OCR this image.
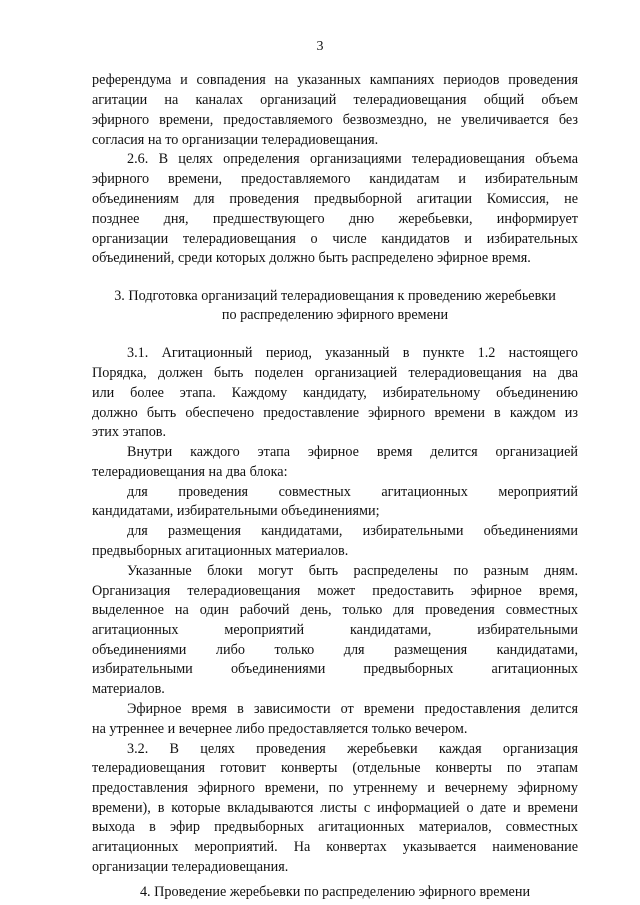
3
референдума и совпадения на указанных кампаниях периодов проведения
агитации на каналах организаций телерадиовещания общий объем
эфирного времени, предоставляемого безвозмездно, не увеличивается без
согласия на то организации телерадиовещания.
2.6. В целях определения организациями телерадиовещания объема
эфирного времени, предоставляемого кандидатам и избирательным
объединениям для проведения предвыборной агитации Комиссия, не
позднее дня, предшествующего дню жеребьевки, информирует
организации телерадиовещания о числе кандидатов и избирательных
объединений, среди которых должно быть распределено эфирное время.
3. Подготовка организаций телерадиовещания к проведению жеребьевки
по распределению эфирного времени
3.1. Агитационный период, указанный в пункте 1.2 настоящего
Порядка, должен быть поделен организацией телерадиовещания на два
или более этапа. Каждому кандидату, избирательному объединению
должно быть обеспечено предоставление эфирного времени в каждом из
этих этапов.
Внутри каждого этапа эфирное время делится организацией
телерадиовещания на два блока:
для проведения совместных агитационных мероприятий
кандидатами, избирательными объединениями;
для размещения кандидатами, избирательными объединениями
предвыборных агитационных материалов.
Указанные блоки могут быть распределены по разным дням.
Организация телерадиовещания может предоставить эфирное время,
выделенное на один рабочий день, только для проведения совместных
агитационных мероприятий кандидатами, избирательными
объединениями либо только для размещения кандидатами,
избирательными объединениями предвыборных агитационных
материалов.
Эфирное время в зависимости от времени предоставления делится
на утреннее и вечернее либо предоставляется только вечером.
3.2. В целях проведения жеребьевки каждая организация
телерадиовещания готовит конверты (отдельные конверты по этапам
предоставления эфирного времени, по утреннему и вечернему эфирному
времени), в которые вкладываются листы с информацией о дате и времени
выхода в эфир предвыборных агитационных материалов, совместных
агитационных мероприятий. На конвертах указывается наименование
организации телерадиовещания.
4. Проведение жеребьевки по распределению эфирного времени
